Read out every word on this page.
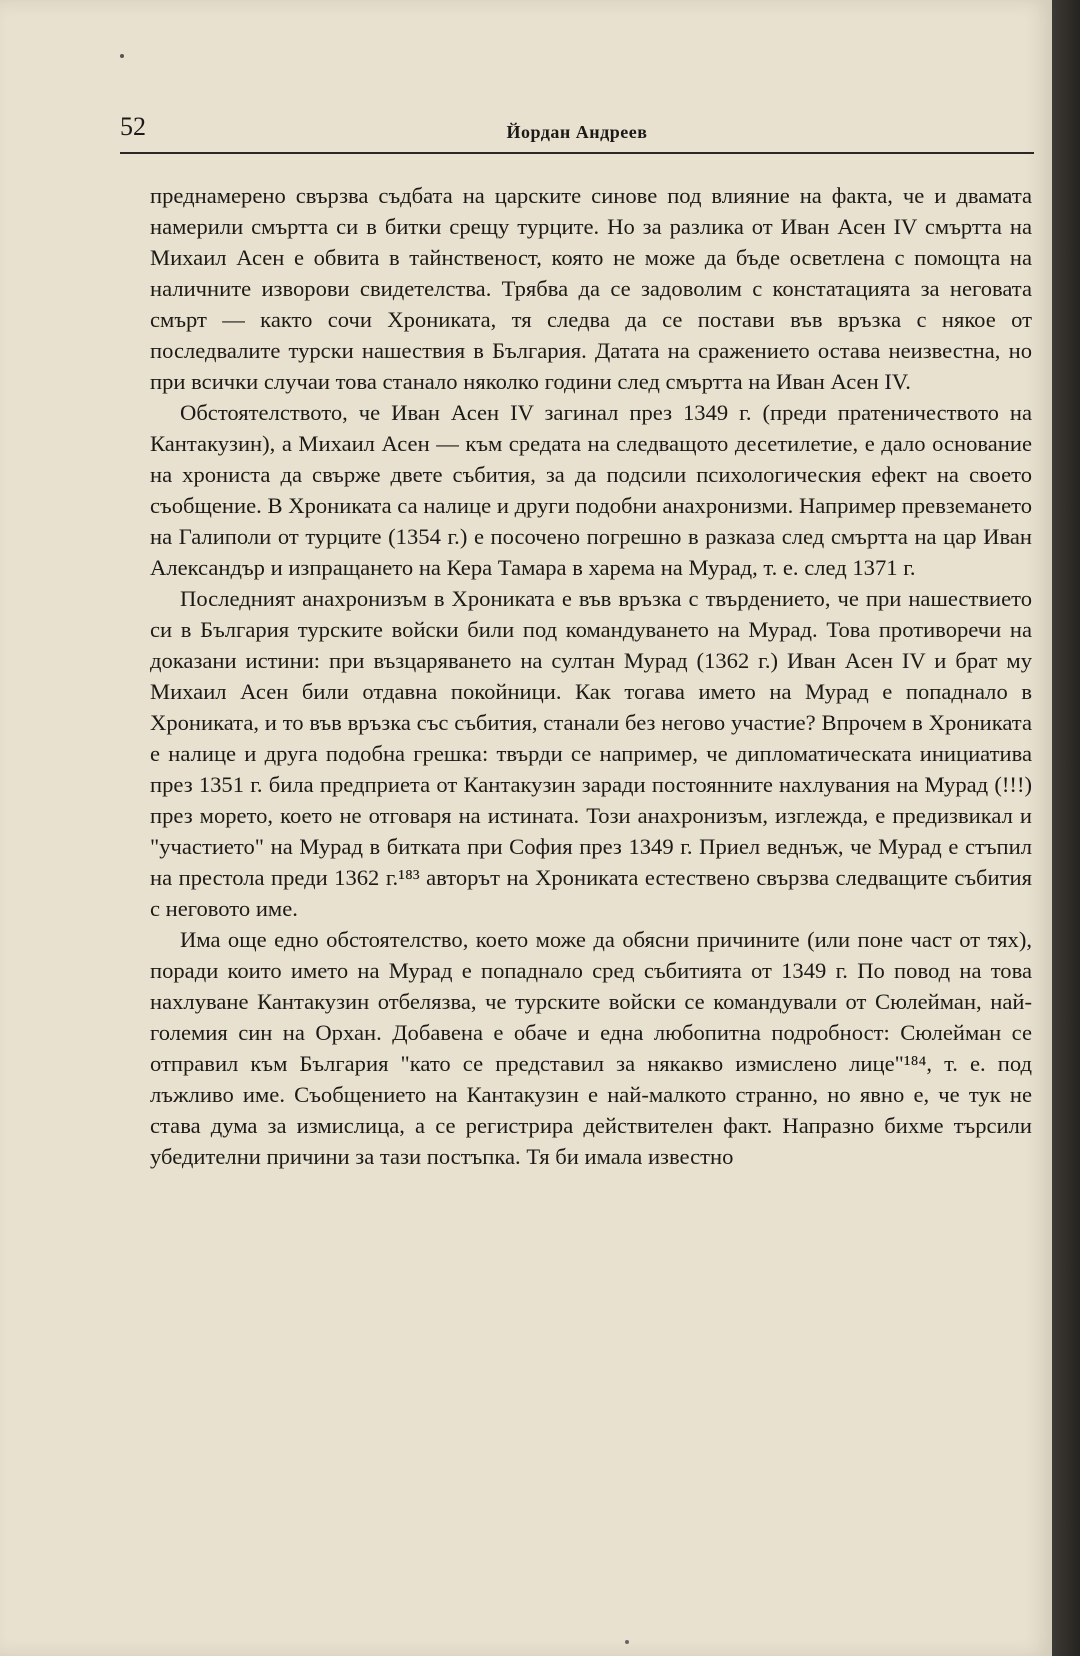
52	Йордан Андреев

преднамерено свързва съдбата на царските синове под влияние на факта, че и двамата намерили смъртта си в битки срещу турците. Но за разлика от Иван Асен IV смъртта на Михаил Асен е обвита в тайнственост, която не може да бъде осветлена с помощта на наличните изворови свидетелства. Трябва да се задоволим с констатацията за неговата смърт — както сочи Хрониката, тя следва да се постави във връзка с някое от последвалите турски нашествия в България. Датата на сражението остава неизвестна, но при всички случаи това станало няколко години след смъртта на Иван Асен IV.

Обстоятелството, че Иван Асен IV загинал през 1349 г. (преди пратеничеството на Кантакузин), а Михаил Асен — към средата на следващото десетилетие, е дало основание на хрониста да свърже двете събития, за да подсили психологическия ефект на своето съобщение. В Хрониката са налице и други подобни анахронизми. Например превземането на Галиполи от турците (1354 г.) е посочено погрешно в разказа след смъртта на цар Иван Александър и изпращането на Кера Тамара в харема на Мурад, т. е. след 1371 г.

Последният анахронизъм в Хрониката е във връзка с твърдението, че при нашествието си в България турските войски били под командуването на Мурад. Това противоречи на доказани истини: при възцаряването на султан Мурад (1362 г.) Иван Асен IV и брат му Михаил Асен били отдавна покойници. Как тогава името на Мурад е попаднало в Хрониката, и то във връзка със събития, станали без негово участие? Впрочем в Хрониката е налице и друга подобна грешка: твърди се например, че дипломатическата инициатива през 1351 г. била предприета от Кантакузин заради постоянните нахлувания на Мурад (!!!) през морето, което не отговаря на истината. Този анахронизъм, изглежда, е предизвикал и "участието" на Мурад в битката при София през 1349 г. Приел веднъж, че Мурад е стъпил на престола преди 1362 г.¹⁸³ авторът на Хрониката естествено свързва следващите събития с неговото име.

Има още едно обстоятелство, което може да обясни причините (или поне част от тях), поради които името на Мурад е попаднало сред събитията от 1349 г. По повод на това нахлуване Кантакузин отбелязва, че турските войски се командували от Сюлейман, най-големия син на Орхан. Добавена е обаче и една любопитна подробност: Сюлейман се отправил към България "като се представил за някакво измислено лице"¹⁸⁴, т. е. под лъжливо име. Съобщението на Кантакузин е най-малкото странно, но явно е, че тук не става дума за измислица, а се регистрира действителен факт. Напразно бихме търсили убедителни причини за тази постъпка. Тя би имала известно
